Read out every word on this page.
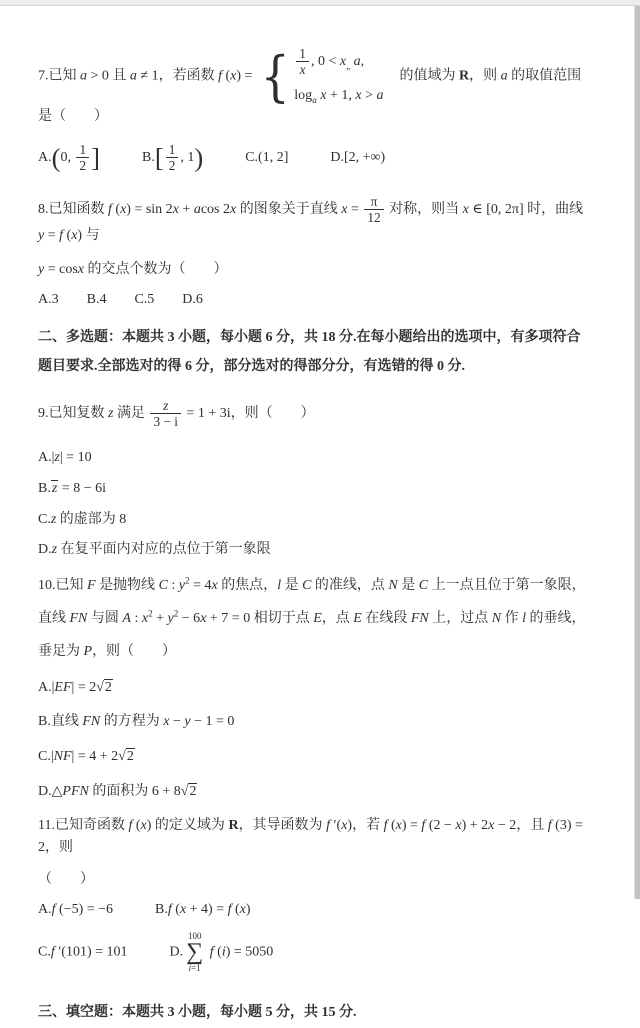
7.已知 a > 0 且 a ≠ 1，若函数 f (x) = { $\frac{1}{x}$ , $0 < x_„$ a,
$\log_a x + 1$, x > a
　的值域为 R，则 a 的取值范围是（　　）

A.(0, $\frac{1}{2}$ ]　　　$B.[ \frac{1}{2}$ , 1)　　　C.(1, 2]　　　D.[2, +∞)

8.已知函数 f (x) = sin 2x + acos 2x 的图象关于直线 $x = \frac{\pi}{12}$ 对称，则当 x ∈ [0, 2π] 时，曲线 y = f (x) 与

y = cosx 的交点个数为（　　）

A.3　　B.4　　C.5　　D.6

二、多选题：本题共 3 小题，每小题 6 分，共 18 分.在每小题给出的选项中，有多项符合题目要求.全部选对的得 6 分，部分选对的得部分分，有选错的得 0 分.

9.已知复数 z 满足 $\frac{z}{3 - i} = 1 + 3i$，则（　　）

A.|z| = 10

B.z = 8 − 6i

C.z 的虚部为 8

D.z 在复平面内对应的点位于第一象限

10.已知 F 是抛物线 C : $y^2 = 4x$ 的焦点，l 是 C 的准线，点 N 是 C 上一点且位于第一象限，直线 FN 与圆 A : $x^2 + y^2 - 6x + 7 = 0$ 相切于点 E，点 E 在线段 FN 上，过点 N 作 l 的垂线，垂足为 P，则（　　）

A.|EF| = 2√2

B.直线 FN 的方程为 x − y − 1 = 0

C.|NF| = 4 + 2√2

D.△PFN 的面积为 6 + 8√2

11.已知奇函数 f (x) 的定义域为 R，其导函数为 f ′(x)，若 f (x) = f (2 − x) + 2x − 2，且 f (3) = 2，则

（　　）

A.f (−5) = −6　　　B.f (x + 4) = f (x)

C.f ′(101) = 101　　　D.
100
∑
i=1
f (i) = 5050

三、填空题：本题共 3 小题，每小题 5 分，共 15 分.
